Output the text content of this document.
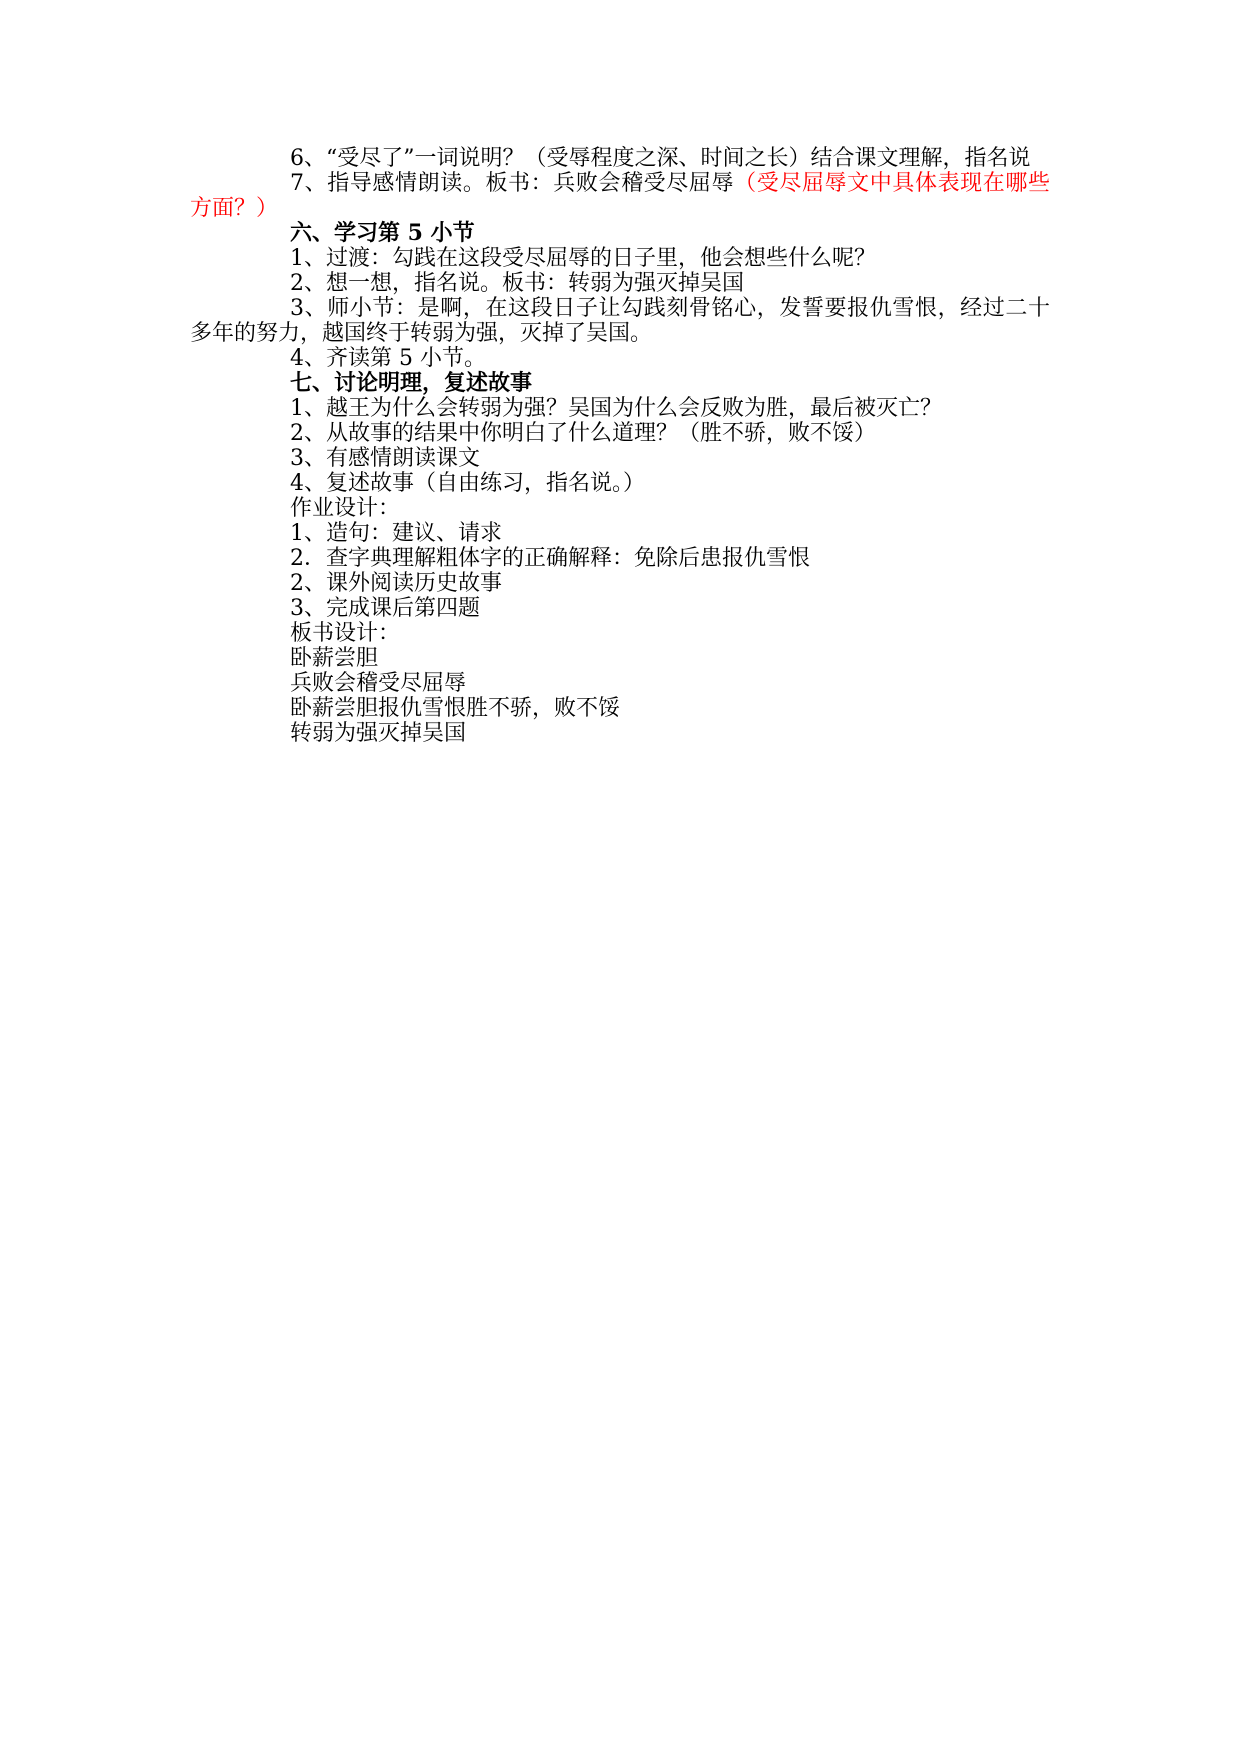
6、“受尽了”一词说明？（受辱程度之深、时间之长）结合课文理解，指名说
7、指导感情朗读。板书：兵败会稽受尽屈辱（受尽屈辱文中具体表现在哪些方面？）
六、学习第 5 小节
1、过渡：勾践在这段受尽屈辱的日子里，他会想些什么呢？
2、想一想，指名说。板书：转弱为强灭掉吴国
3、师小节：是啊，在这段日子让勾践刻骨铭心，发誓要报仇雪恨，经过二十多年的努力，越国终于转弱为强，灭掉了吴国。
4、齐读第 5 小节。
七、讨论明理，复述故事
1、越王为什么会转弱为强？吴国为什么会反败为胜，最后被灭亡？
2、从故事的结果中你明白了什么道理？（胜不骄，败不馁）
3、有感情朗读课文
4、复述故事（自由练习，指名说。）
作业设计：
1、造句：建议、请求
2．查字典理解粗体字的正确解释：免除后患报仇雪恨
2、课外阅读历史故事
3、完成课后第四题
板书设计：
卧薪尝胆
兵败会稽受尽屈辱
卧薪尝胆报仇雪恨胜不骄，败不馁
转弱为强灭掉吴国
